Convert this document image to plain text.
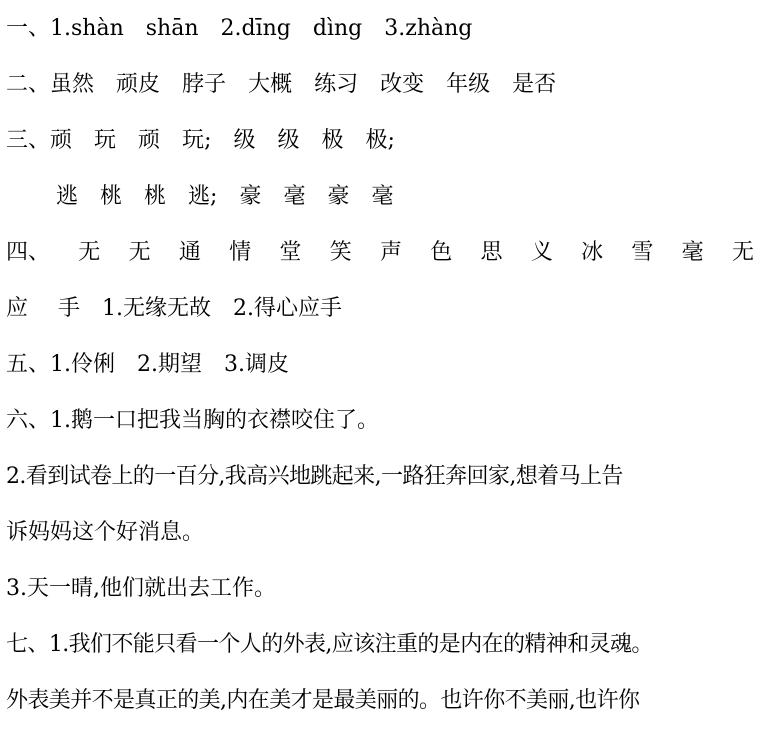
一、1.shàn shān 2.dīng dìng 3.zhàng
二、虽然 顽皮 脖子 大概 练习 改变 年级 是否
三、顽 玩 顽 玩; 级 级 极 极;
逃 桃 桃 逃; 豪 毫 豪 毫
四、 无 无 通 情 堂 笑 声 色 思 义 冰 雪 毫 无
应 手 1.无缘无故 2.得心应手
五、1.伶俐 2.期望 3.调皮
六、1.鹅一口把我当胸的衣襟咬住了。
2.看到试卷上的一百分,我高兴地跳起来,一路狂奔回家,想着马上告
诉妈妈这个好消息。
3.天一晴,他们就出去工作。
七、1.我们不能只看一个人的外表,应该注重的是内在的精神和灵魂。
外表美并不是真正的美,内在美才是最美丽的。也许你不美丽,也许你
